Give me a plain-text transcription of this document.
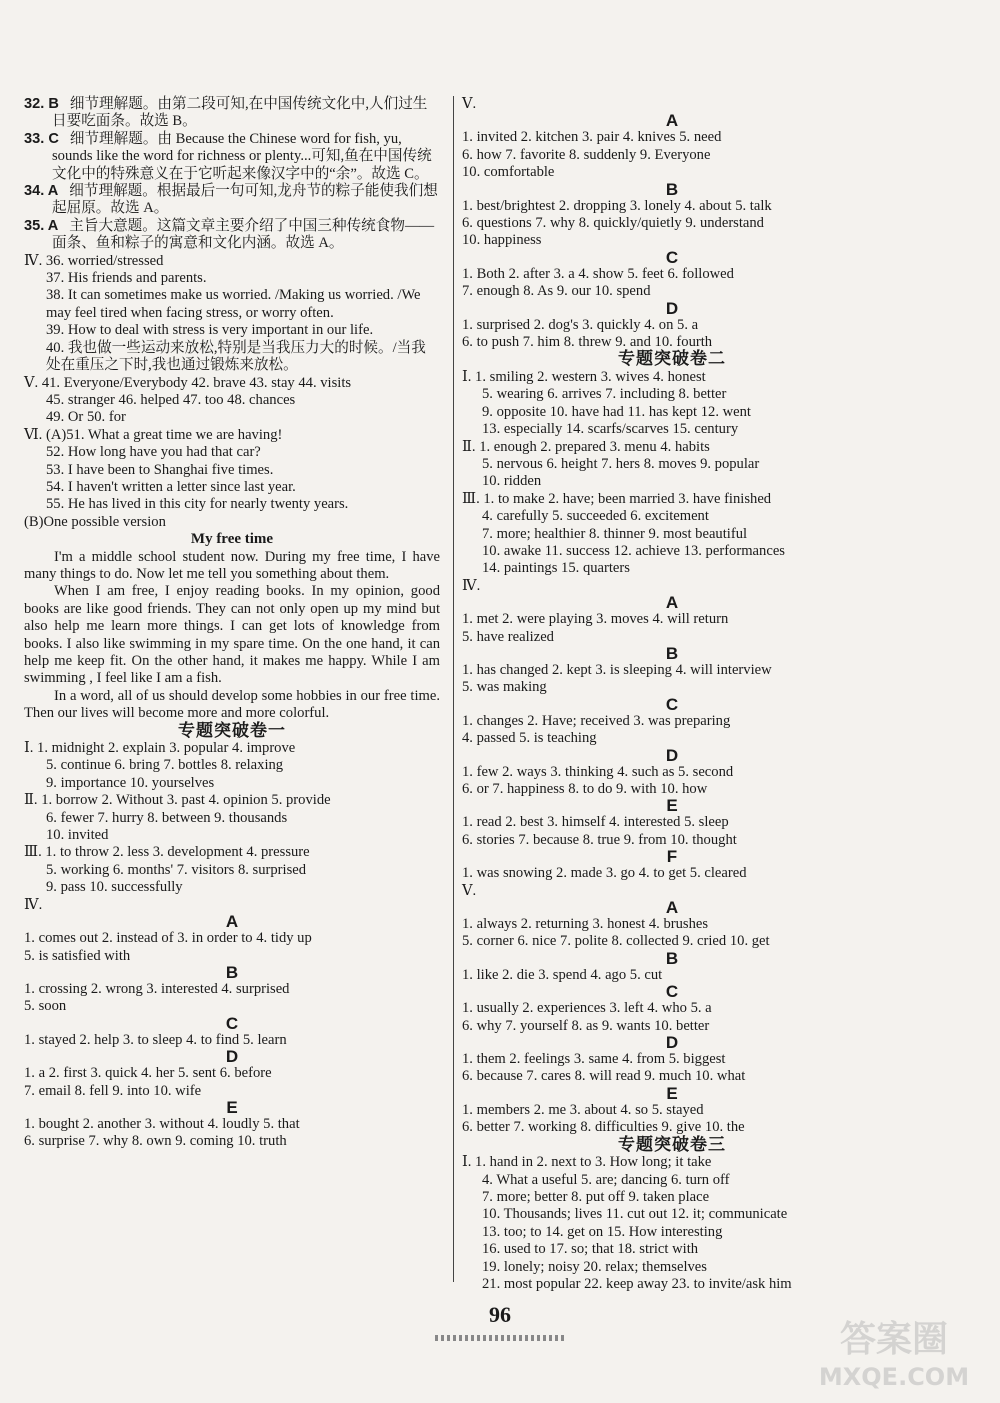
32. B 细节理解题。由第二段可知,在中国传统文化中,人们过生日要吃面条。故选 B。

33. C 细节理解题。由 Because the Chinese word for fish, yu, sounds like the word for richness or plenty...可知,鱼在中国传统文化中的特殊意义在于它听起来像汉字中的“余”。故选 C。

34. A 细节理解题。根据最后一句可知,龙舟节的粽子能使我们想起屈原。故选 A。

35. A 主旨大意题。这篇文章主要介绍了中国三种传统食物——面条、鱼和粽子的寓意和文化内涵。故选 A。

Ⅳ. 36. worried/stressed

37. His friends and parents.

38. It can sometimes make us worried. /Making us worried. /We may feel tired when facing stress, or worry often.

39. How to deal with stress is very important in our life.

40. 我也做一些运动来放松,特别是当我压力大的时候。/当我处在重压之下时,我也通过锻炼来放松。

Ⅴ. 41. Everyone/Everybody 42. brave 43. stay 44. visits

45. stranger 46. helped 47. too 48. chances

49. Or 50. for

Ⅵ. (A)51. What a great time we are having!

52. How long have you had that car?

53. I have been to Shanghai five times.

54. I haven't written a letter since last year.

55. He has lived in this city for nearly twenty years.

(B)One possible version

My free time

I'm a middle school student now. During my free time, I have many things to do. Now let me tell you something about them.

When I am free, I enjoy reading books. In my opinion, good books are like good friends. They can not only open up my mind but also help me learn more things. I can get lots of knowledge from books. I also like swimming in my spare time. On the one hand, it can help me keep fit. On the other hand, it makes me happy. While I am swimming , I feel like I am a fish.

In a word, all of us should develop some hobbies in our free time. Then our lives will become more and more colorful.

专题突破卷一

Ⅰ. 1. midnight 2. explain 3. popular 4. improve

5. continue 6. bring 7. bottles 8. relaxing

9. importance 10. yourselves

Ⅱ. 1. borrow 2. Without 3. past 4. opinion 5. provide

6. fewer 7. hurry 8. between 9. thousands

10. invited

Ⅲ. 1. to throw 2. less 3. development 4. pressure

5. working 6. months' 7. visitors 8. surprised

9. pass 10. successfully

Ⅳ.

A

1. comes out 2. instead of 3. in order to 4. tidy up

5. is satisfied with

B

1. crossing 2. wrong 3. interested 4. surprised

5. soon

C

1. stayed 2. help 3. to sleep 4. to find 5. learn

D

1. a 2. first 3. quick 4. her 5. sent 6. before

7. email 8. fell 9. into 10. wife

E

1. bought 2. another 3. without 4. loudly 5. that

6. surprise 7. why 8. own 9. coming 10. truth

Ⅴ.

A

1. invited 2. kitchen 3. pair 4. knives 5. need

6. how 7. favorite 8. suddenly 9. Everyone

10. comfortable

B

1. best/brightest 2. dropping 3. lonely 4. about 5. talk

6. questions 7. why 8. quickly/quietly 9. understand

10. happiness

C

1. Both 2. after 3. a 4. show 5. feet 6. followed

7. enough 8. As 9. our 10. spend

D

1. surprised 2. dog's 3. quickly 4. on 5. a

6. to push 7. him 8. threw 9. and 10. fourth

专题突破卷二

Ⅰ. 1. smiling 2. western 3. wives 4. honest

5. wearing 6. arrives 7. including 8. better

9. opposite 10. have had 11. has kept 12. went

13. especially 14. scarfs/scarves 15. century

Ⅱ. 1. enough 2. prepared 3. menu 4. habits

5. nervous 6. height 7. hers 8. moves 9. popular

10. ridden

Ⅲ. 1. to make 2. have; been married 3. have finished

4. carefully 5. succeeded 6. excitement

7. more; healthier 8. thinner 9. most beautiful

10. awake 11. success 12. achieve 13. performances

14. paintings 15. quarters

Ⅳ.

A

1. met 2. were playing 3. moves 4. will return

5. have realized

B

1. has changed 2. kept 3. is sleeping 4. will interview

5. was making

C

1. changes 2. Have; received 3. was preparing

4. passed 5. is teaching

D

1. few 2. ways 3. thinking 4. such as 5. second

6. or 7. happiness 8. to do 9. with 10. how

E

1. read 2. best 3. himself 4. interested 5. sleep

6. stories 7. because 8. true 9. from 10. thought

F

1. was snowing 2. made 3. go 4. to get 5. cleared

Ⅴ.

A

1. always 2. returning 3. honest 4. brushes

5. corner 6. nice 7. polite 8. collected 9. cried 10. get

B

1. like 2. die 3. spend 4. ago 5. cut

C

1. usually 2. experiences 3. left 4. who 5. a

6. why 7. yourself 8. as 9. wants 10. better

D

1. them 2. feelings 3. same 4. from 5. biggest

6. because 7. cares 8. will read 9. much 10. what

E

1. members 2. me 3. about 4. so 5. stayed

6. better 7. working 8. difficulties 9. give 10. the

专题突破卷三

Ⅰ. 1. hand in 2. next to 3. How long; it take

4. What a useful 5. are; dancing 6. turn off

7. more; better 8. put off 9. taken place

10. Thousands; lives 11. cut out 12. it; communicate

13. too; to 14. get on 15. How interesting

16. used to 17. so; that 18. strict with

19. lonely; noisy 20. relax; themselves

21. most popular 22. keep away 23. to invite/ask him

96
答案圈
MXQE.COM
